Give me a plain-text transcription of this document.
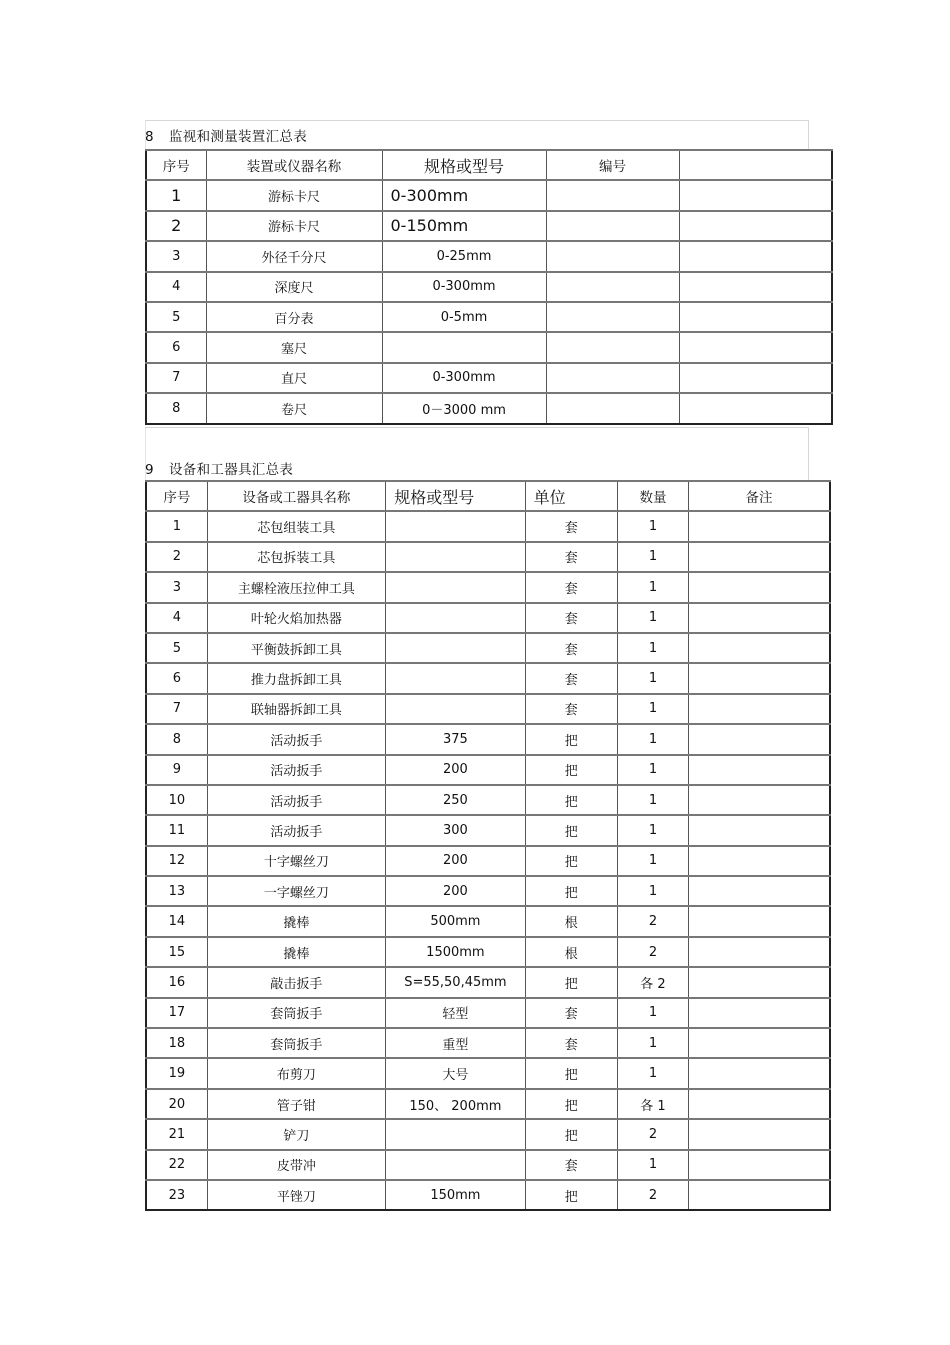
8 监视和测量装置汇总表
序号	装置或仪器名称	规格或型号	编号	
1	游标卡尺	0-300mm		
2	游标卡尺	0-150mm		
3	外径千分尺	0-25mm		
4	深度尺	0-300mm		
5	百分表	0-5mm		
6	塞尺			
7	直尺	0-300mm		
8	卷尺	0－3000 mm		
9 设备和工器具汇总表
序号	设备或工器具名称	规格或型号	单位	数量	备注
1	芯包组装工具		套	1	
2	芯包拆装工具		套	1	
3	主螺栓液压拉伸工具		套	1	
4	叶轮火焰加热器		套	1	
5	平衡鼓拆卸工具		套	1	
6	推力盘拆卸工具		套	1	
7	联轴器拆卸工具		套	1	
8	活动扳手	375	把	1	
9	活动扳手	200	把	1	
10	活动扳手	250	把	1	
11	活动扳手	300	把	1	
12	十字螺丝刀	200	把	1	
13	一字螺丝刀	200	把	1	
14	撬棒	500mm	根	2	
15	撬棒	1500mm	根	2	
16	敲击扳手	S=55,50,45mm	把	各 2	
17	套筒扳手	轻型	套	1	
18	套筒扳手	重型	套	1	
19	布剪刀	大号	把	1	
20	管子钳	150、 200mm	把	各 1	
21	铲刀		把	2	
22	皮带冲		套	1	
23	平锉刀	150mm	把	2	
